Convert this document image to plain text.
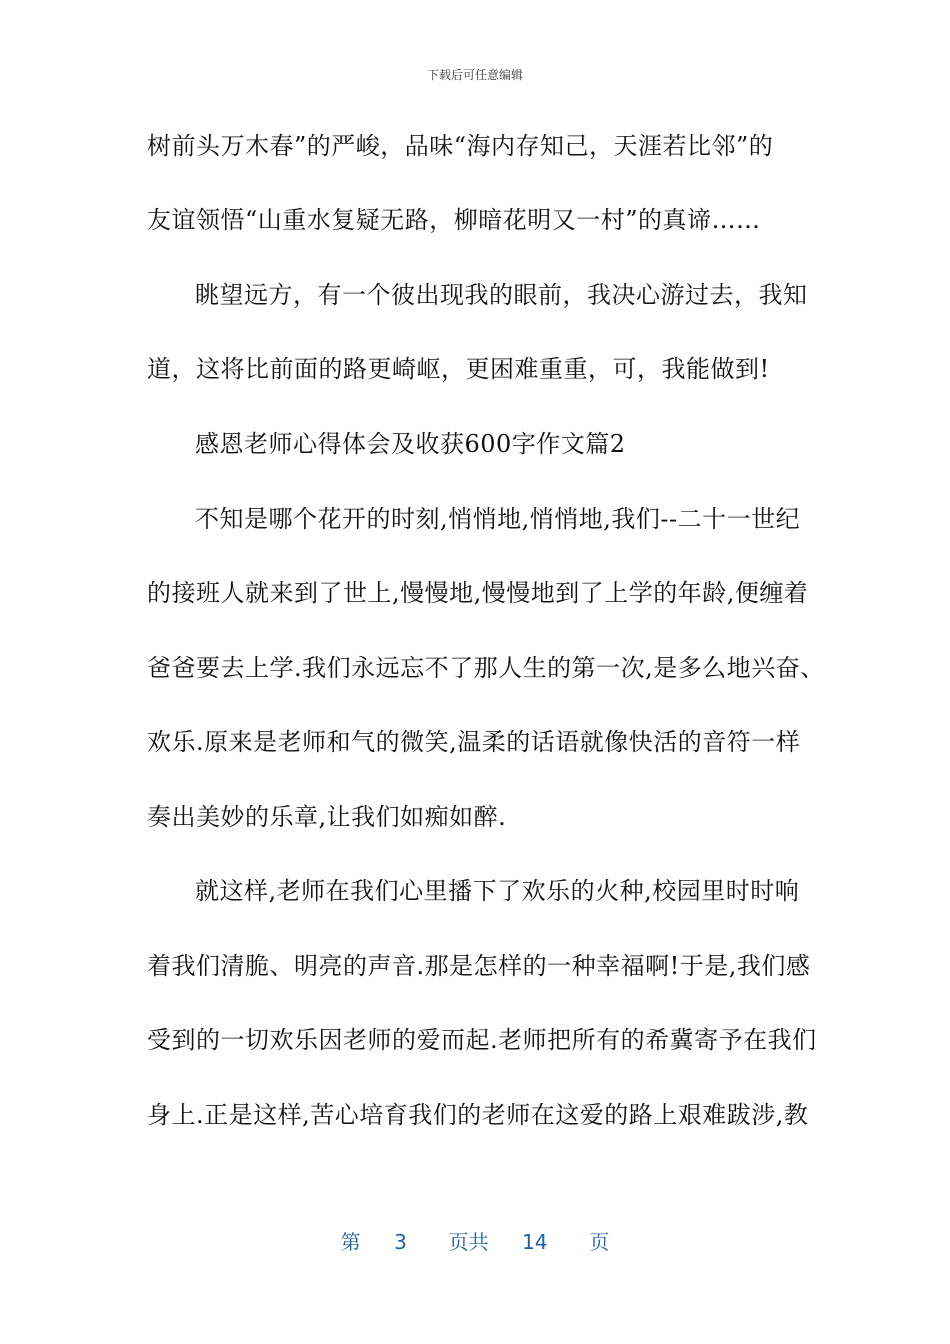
下载后可任意编辑
树前头万木春”的严峻，品味“海内存知己，天涯若比邻”的
友谊领悟“山重水复疑无路，柳暗花明又一村”的真谛……
眺望远方，有一个彼出现我的眼前，我决心游过去，我知
道，这将比前面的路更崎岖，更困难重重，可，我能做到!
感恩老师心得体会及收获600字作文篇2
不知是哪个花开的时刻,悄悄地,悄悄地,我们--二十一世纪
的接班人就来到了世上,慢慢地,慢慢地到了上学的年龄,便缠着
爸爸要去上学.我们永远忘不了那人生的第一次,是多么地兴奋、
欢乐.原来是老师和气的微笑,温柔的话语就像快活的音符一样
奏出美妙的乐章,让我们如痴如醉.
就这样,老师在我们心里播下了欢乐的火种,校园里时时响
着我们清脆、明亮的声音.那是怎样的一种幸福啊!于是,我们感
受到的一切欢乐因老师的爱而起.老师把所有的希冀寄予在我们
身上.正是这样,苦心培育我们的老师在这爱的路上艰难跋涉,教
第 3 页共 14 页
